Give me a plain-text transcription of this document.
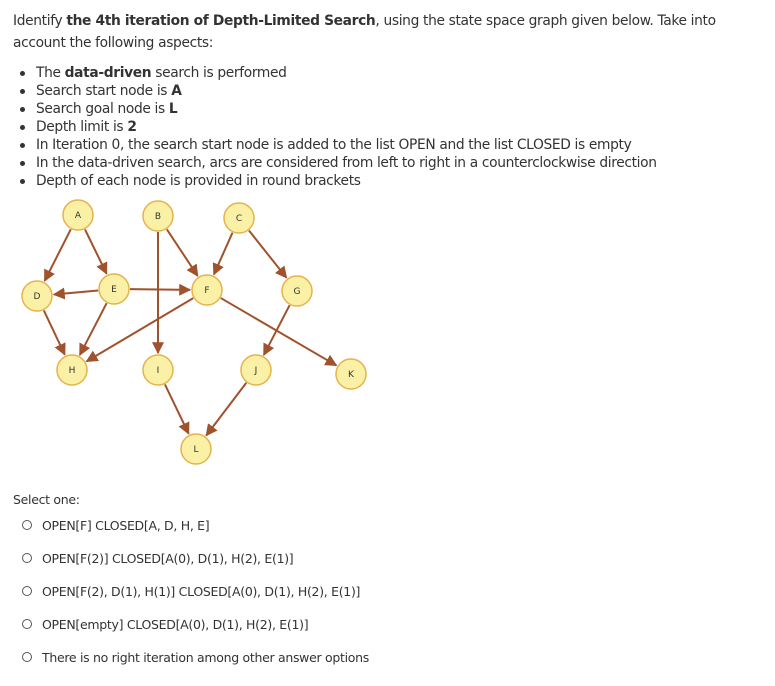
Identify the 4th iteration of Depth-Limited Search, using the state space graph given below. Take into account the following aspects:
The data-driven search is performed
Search start node is A
Search goal node is L
Depth limit is 2
In Iteration 0, the search start node is added to the list OPEN and the list CLOSED is empty
In the data-driven search, arcs are considered from left to right in a counterclockwise direction
Depth of each node is provided in round brackets
A	B	C
D
E	F	G
H	I	J	K
L
Select one:
OPEN[F] CLOSED[A, D, H, E]
OPEN[F(2)] CLOSED[A(0), D(1), H(2), E(1)]
OPEN[F(2), D(1), H(1)] CLOSED[A(0), D(1), H(2), E(1)]
OPEN[empty] CLOSED[A(0), D(1), H(2), E(1)]
There is no right iteration among other answer options
